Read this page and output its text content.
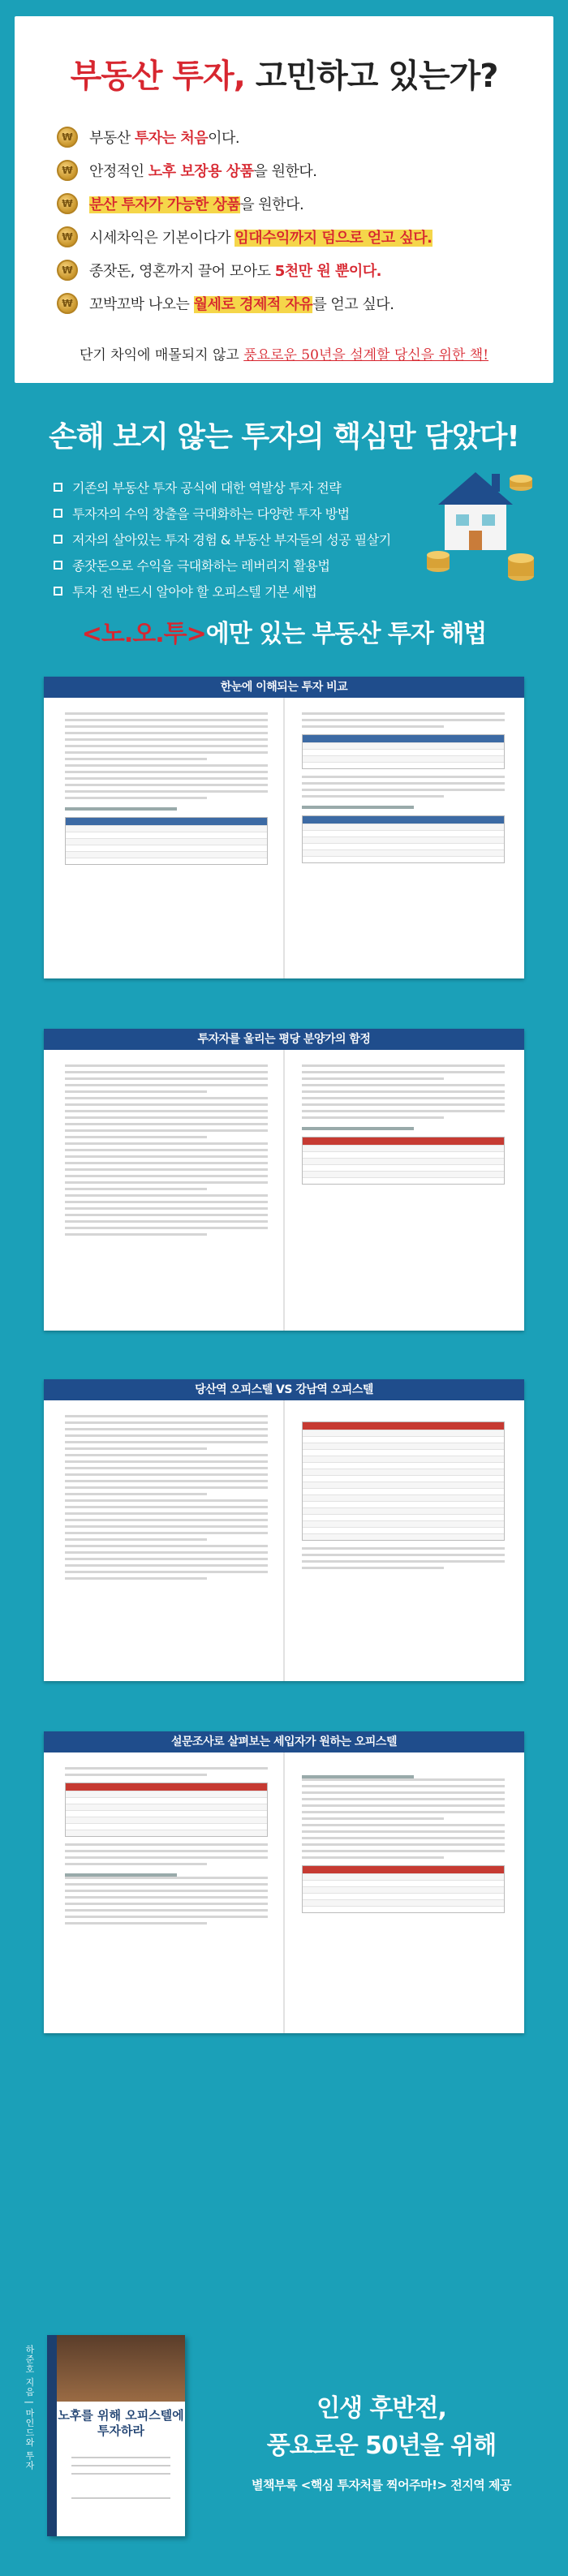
부동산 투자, 고민하고 있는가?
₩	부동산 투자는 처음이다.
₩	안정적인 노후 보장용 상품을 원한다.
₩	분산 투자가 가능한 상품을 원한다.
₩	시세차익은 기본이다가 임대수익까지 덤으로 얻고 싶다.
₩	종잣돈, 영혼까지 끌어 모아도 5천만 원 뿐이다.
₩	꼬박꼬박 나오는 월세로 경제적 자유를 얻고 싶다.
단기 차익에 매몰되지 않고 풍요로운 50년을 설계할 당신을 위한 책!
손해 보지 않는 투자의 핵심만 담았다!
기존의 부동산 투자 공식에 대한 역발상 투자 전략
투자자의 수익 창출을 극대화하는 다양한 투자 방법
저자의 살아있는 투자 경험 & 부동산 부자들의 성공 필살기
종잣돈으로 수익을 극대화하는 레버리지 활용법
투자 전 반드시 알아야 할 오피스텔 기본 세법
<노.오.투>에만 있는 부동산 투자 해법
한눈에 이해되는 투자 비교
투자자를 울리는 평당 분양가의 함정
당산역 오피스텔 VS 강남역 오피스텔
설문조사로 살펴보는 세입자가 원하는 오피스텔
하준호 지음 | 마인드와 투자 노후를 위해 오피스텔에 투자하라
인생 후반전,
풍요로운 50년을 위해
별책부록 <핵심 투자처를 찍어주마!> 전지역 제공
